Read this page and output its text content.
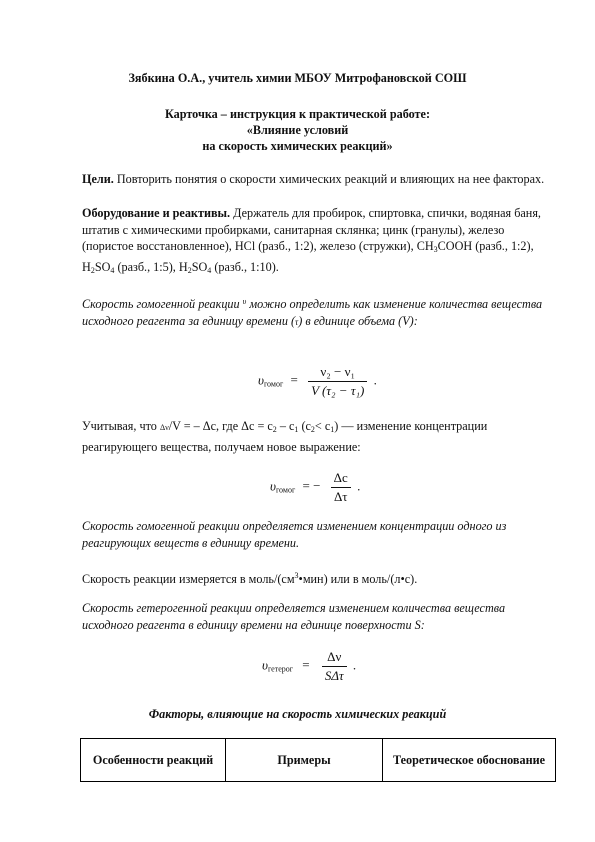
Зябкина О.А., учитель химии МБОУ Митрофановской СОШ

Карточка – инструкция к практической работе:

«Влияние условий

на скорость химических реакций»

Цели. Повторить понятия о скорости химических реакций и влияющих на нее факторах.

Оборудование и реактивы. Держатель для пробирок, спиртовка, спички, водяная баня, штатив с химическими пробирками, санитарная склянка; цинк (гранулы), железо (пористое восстановленное), HCl (разб., 1:2), железо (стружки), $CH_3COOH$ (разб., 1:2), $H_2SO_4$ (разб., 1:5), $H_2SO_4$ (разб., 1:10).

Скорость гомогенной реакции $^\upsilon$ можно определить как изменение количества вещества исходного реагента за единицу времени (τ) в единице объема (V):

$\upsilon_{гомог} = \frac{\text{ν₂ − ν₁}}{\text{V (τ₂ − τ₁)}}$ .

Учитывая, что Δν/V = – Δc, где $\Delta c = c_2 - c_1$ $(c_2< c_1)$ — изменение концентрации реагирующего вещества, получаем новое выражение:

$\upsilon_{гомог}$ = − $\frac{\Delta c}{\Delta\tau}$ .

Скорость гомогенной реакции определяется изменением концентрации одного из реагирующих веществ в единицу времени.

Скорость реакции измеряется в моль/$(см^3•мин)$ или в моль/(л•с).

Скорость гетерогенной реакции определяется изменением количества вещества исходного реагента в единицу времени на единице поверхности S:

$\upsilon_{гетерог} = \frac{\Delta\nu}{\text{SΔτ}}$ .

Факторы, влияющие на скорость химических реакций

Особенности реакций	Примеры	Теоретическое обоснование
